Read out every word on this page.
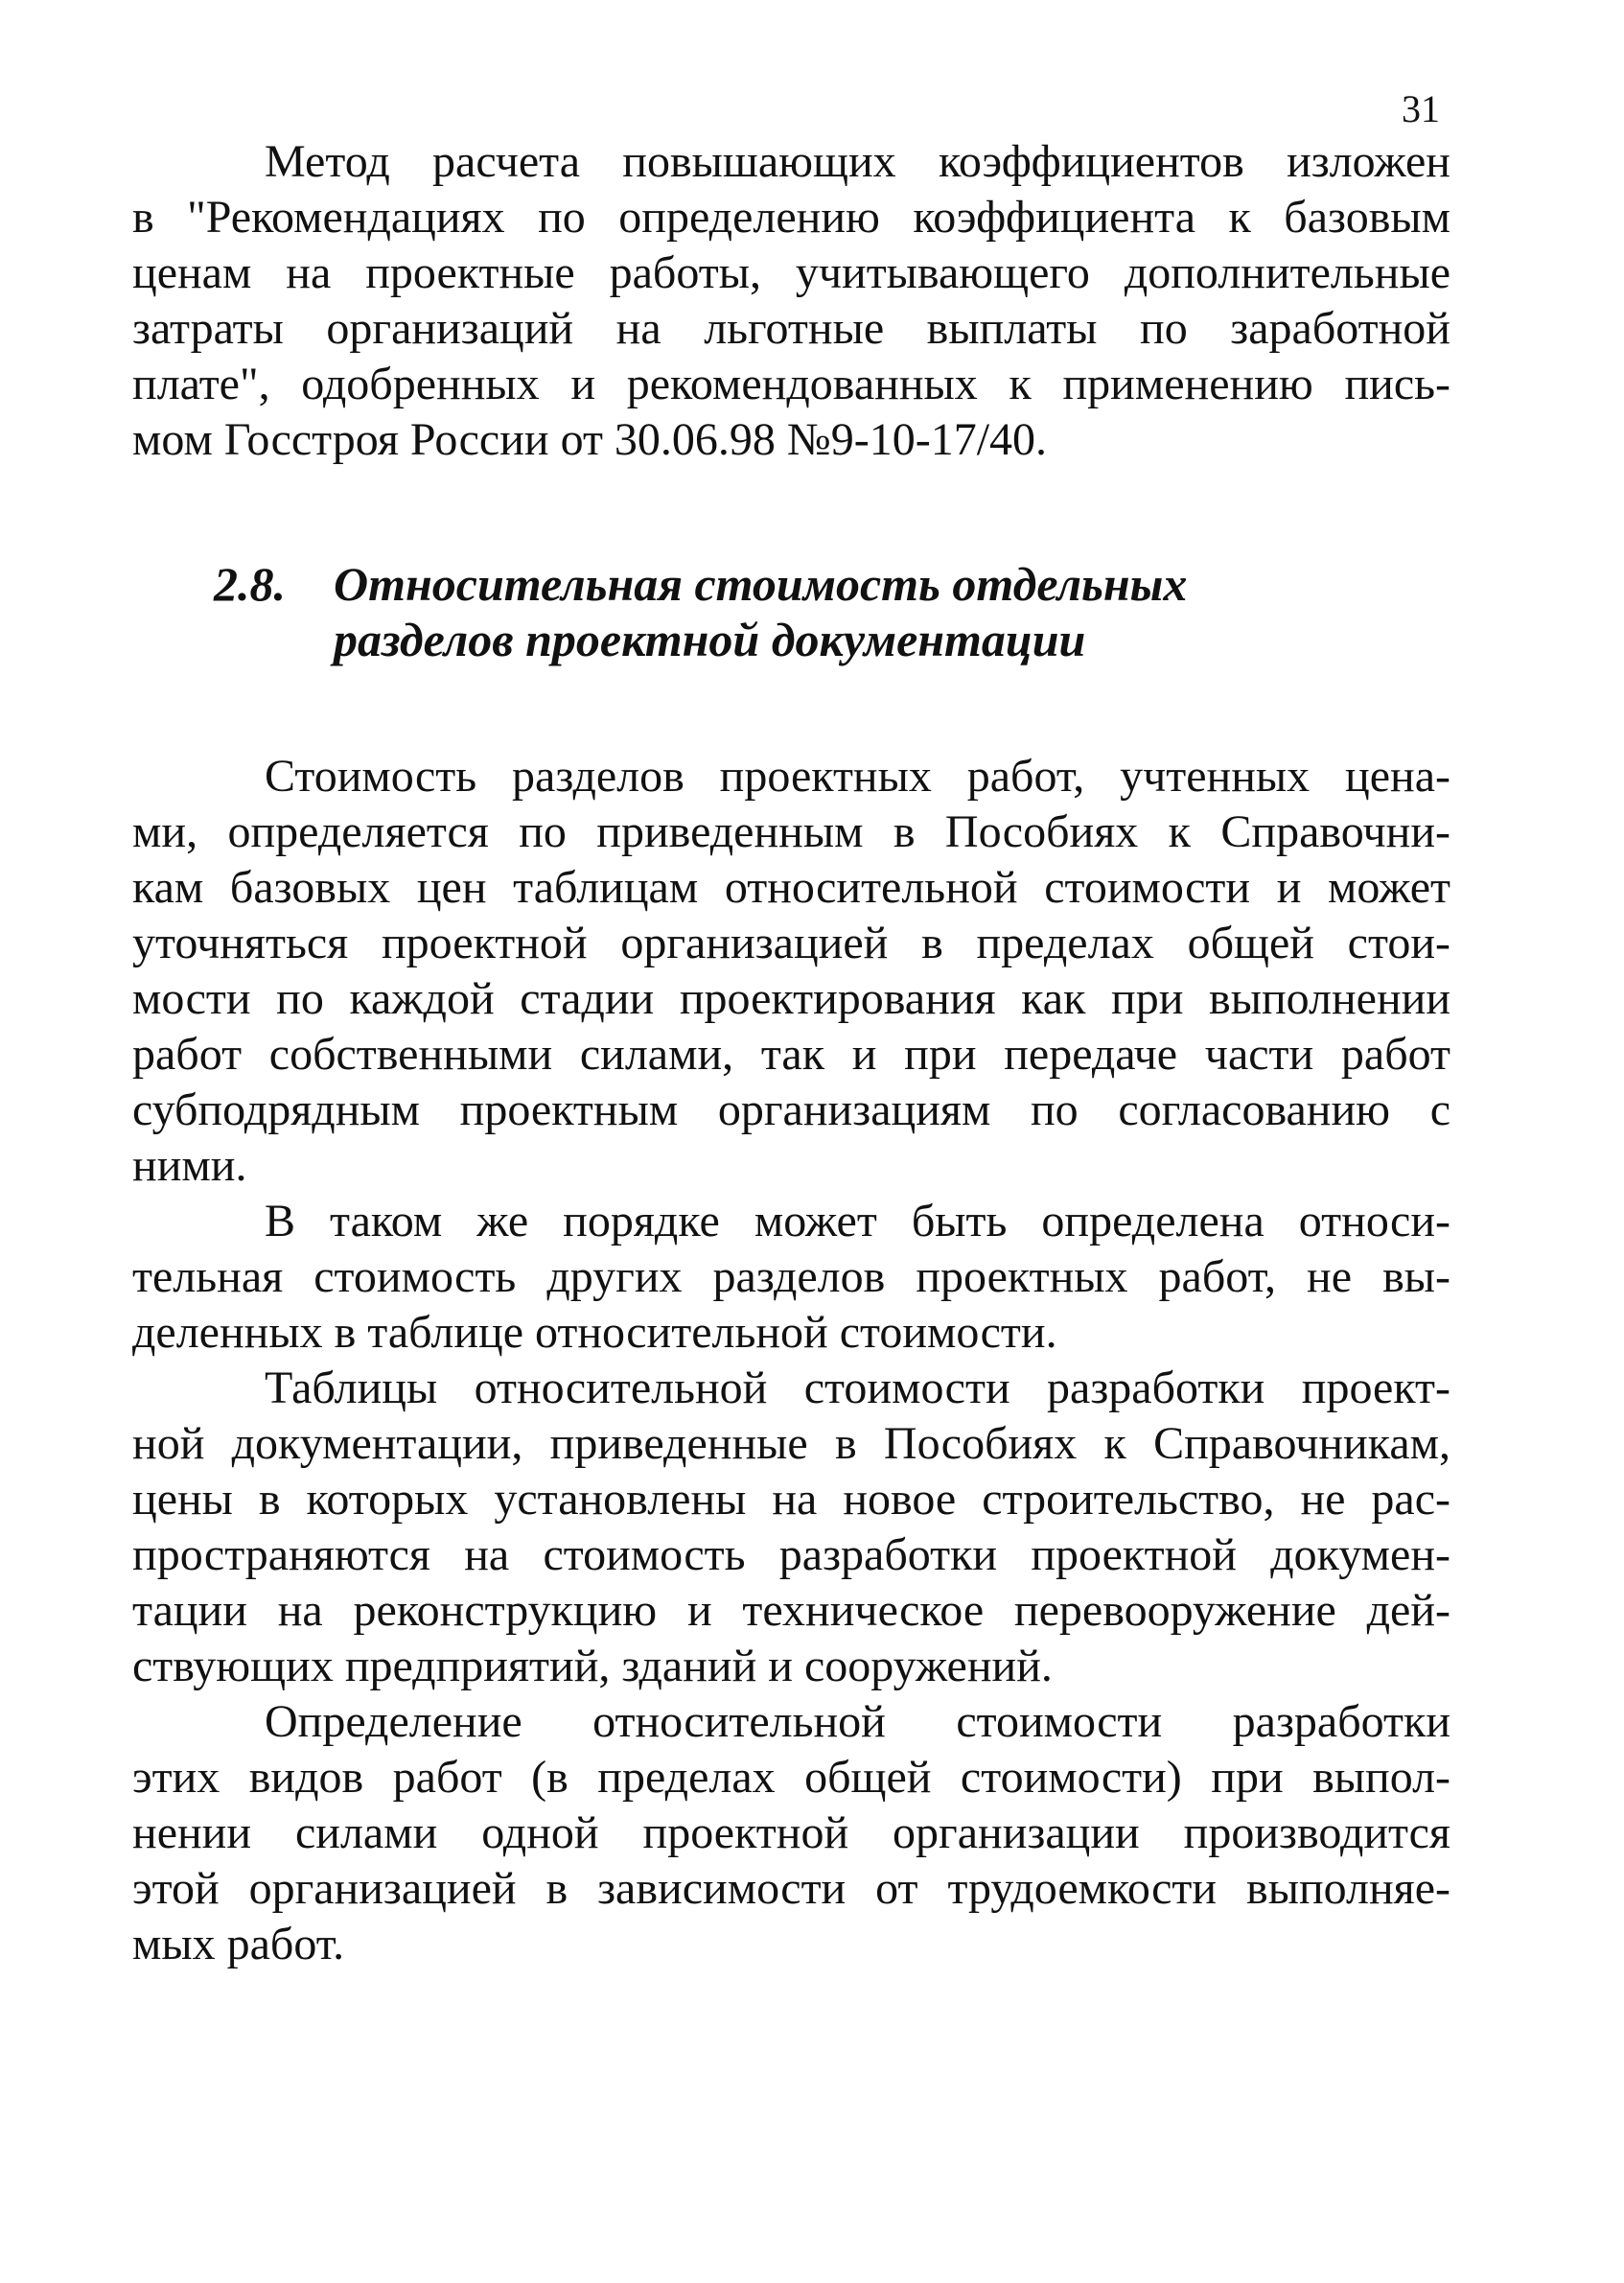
31

Метод расчета повышающих коэффициентов изложен
в "Рекомендациях по определению коэффициента к базовым
ценам на проектные работы, учитывающего дополнительные
затраты организаций на льготные выплаты по заработной
плате", одобренных и рекомендованных к применению пись-
мом Госстроя России от 30.06.98 №9-10-17/40.

2.8.	Относительная стоимость отдельных
разделов проектной документации

Стоимость разделов проектных работ, учтенных цена-
ми, определяется по приведенным в Пособиях к Справочни-
кам базовых цен таблицам относительной стоимости и может
уточняться проектной организацией в пределах общей стои-
мости по каждой стадии проектирования как при выполнении
работ собственными силами, так и при передаче части работ
субподрядным проектным организациям по согласованию с
ними.

В таком же порядке может быть определена относи-
тельная стоимость других разделов проектных работ, не вы-
деленных в таблице относительной стоимости.

Таблицы относительной стоимости разработки проект-
ной документации, приведенные в Пособиях к Справочникам,
цены в которых установлены на новое строительство, не рас-
пространяются на стоимость разработки проектной докумен-
тации на реконструкцию и техническое перевооружение дей-
ствующих предприятий, зданий и сооружений.

Определение относительной стоимости разработки
этих видов работ (в пределах общей стоимости) при выпол-
нении силами одной проектной организации производится
этой организацией в зависимости от трудоемкости выполняе-
мых работ.
